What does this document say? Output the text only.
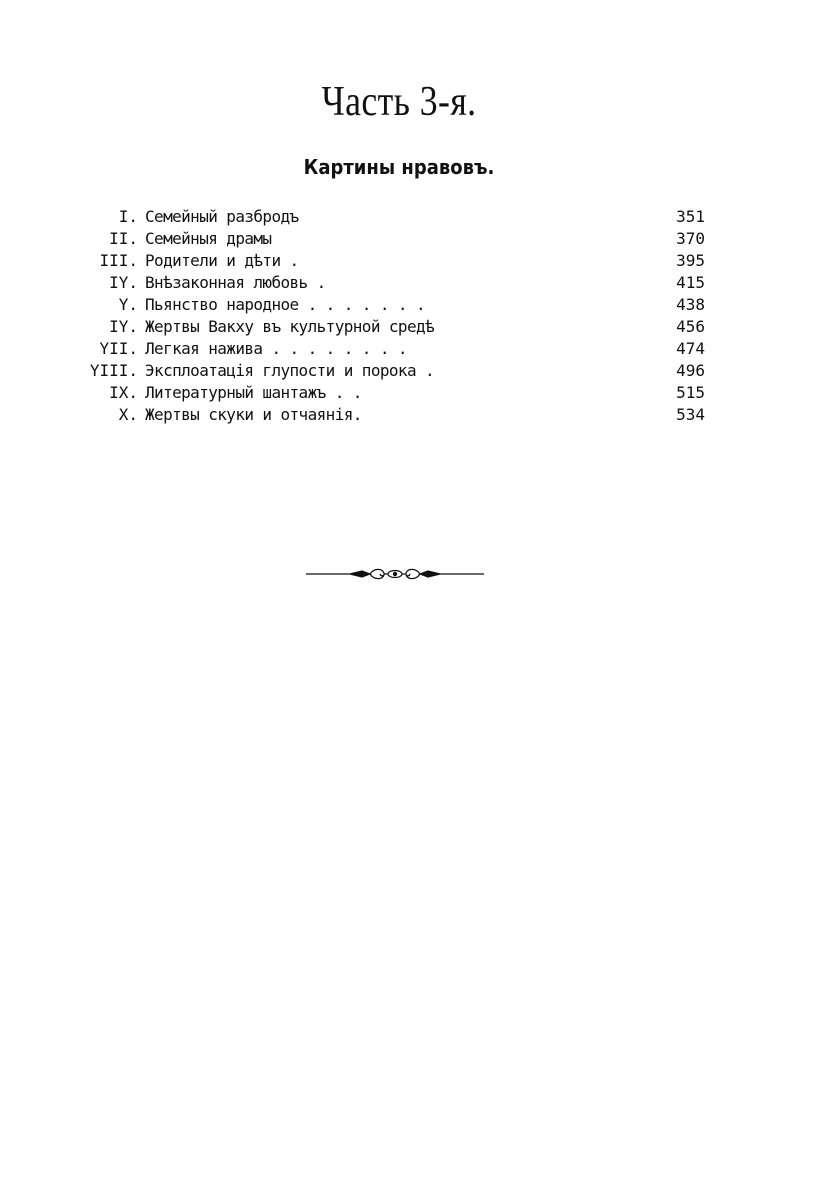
Часть 3-я.
Картины нравовъ.
I. Семейный разбродъ	351
II. Семейныя драмы	370
III. Родители и дѣти .	395
IY. Внѣзаконная любовь .	415
Y. Пьянство народное . . . . . . .	438
IY. Жертвы Вакху въ культурной средѣ	456
YII. Легкая нажива . . . . . . . .	474
YIII. Эксплоатація глупости и порока .	496
IX. Литературный шантажъ . .	515
X. Жертвы скуки и отчаянія.	534
